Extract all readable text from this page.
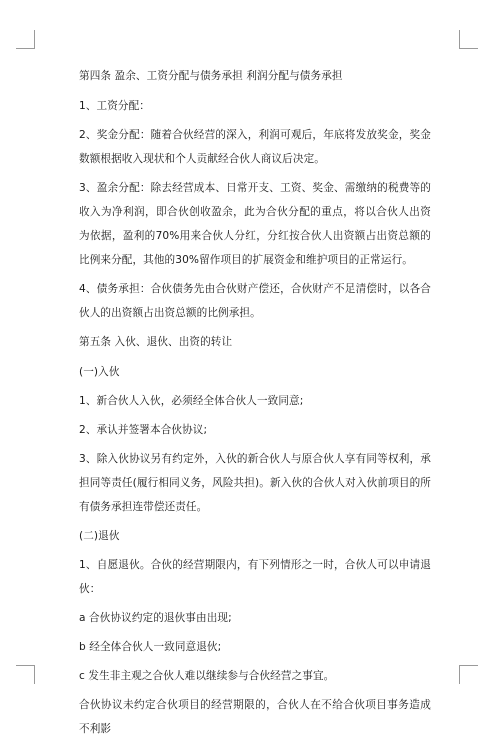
第四条 盈余、工资分配与债务承担 利润分配与债务承担

1、工资分配：

2、奖金分配：随着合伙经营的深入，利润可观后，年底将发放奖金，奖金数额根据收入现状和个人贡献经合伙人商议后决定。

3、盈余分配：除去经营成本、日常开支、工资、奖金、需缴纳的税费等的收入为净利润，即合伙创收盈余，此为合伙分配的重点，将以合伙人出资为依据，盈利的70%用来合伙人分红，分红按合伙人出资额占出资总额的比例来分配，其他的30%留作项目的扩展资金和维护项目的正常运行。

4、债务承担：合伙债务先由合伙财产偿还，合伙财产不足清偿时，以各合伙人的出资额占出资总额的比例承担。

第五条 入伙、退伙、出资的转让

(一)入伙

1、新合伙人入伙，必须经全体合伙人一致同意;

2、承认并签署本合伙协议;

3、除入伙协议另有约定外，入伙的新合伙人与原合伙人享有同等权利，承担同等责任(履行相同义务，风险共担)。新入伙的合伙人对入伙前项目的所有债务承担连带偿还责任。

(二)退伙

1、自愿退伙。合伙的经营期限内，有下列情形之一时，合伙人可以申请退伙：

a 合伙协议约定的退伙事由出现;

b 经全体合伙人一致同意退伙;

c 发生非主观之合伙人难以继续参与合伙经营之事宜。

合伙协议未约定合伙项目的经营期限的，合伙人在不给合伙项目事务造成不利影
